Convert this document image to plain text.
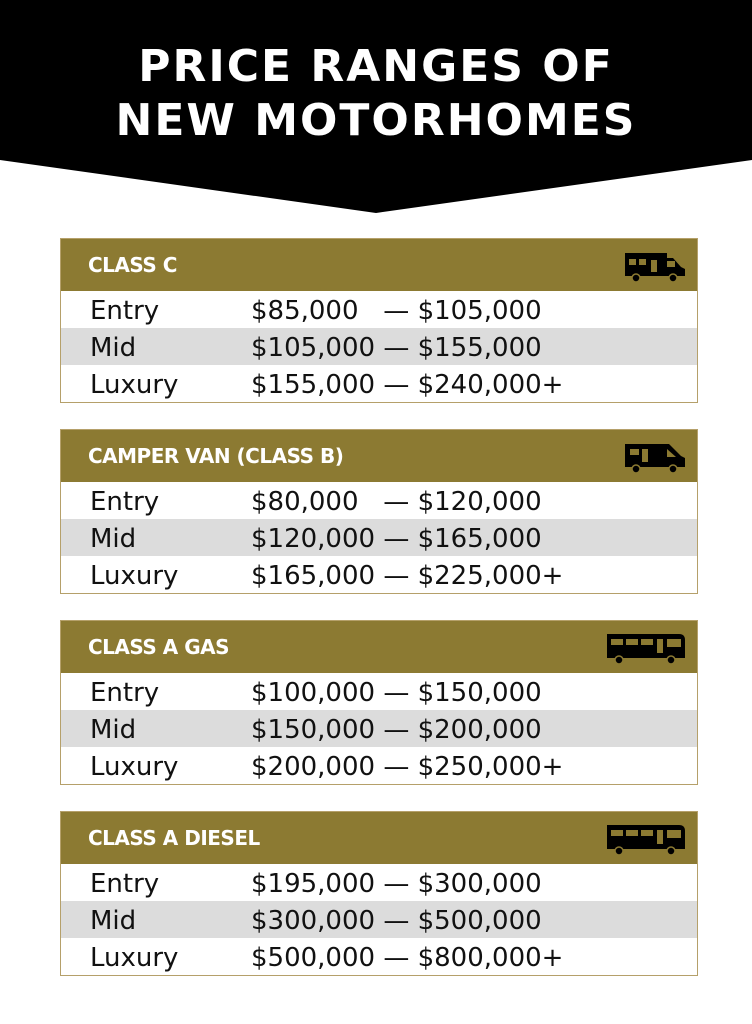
PRICE RANGES OF NEW MOTORHOMES
CLASS C
Entry	$85,000   — $105,000
Mid	$105,000 — $155,000
Luxury	$155,000 — $240,000+
CAMPER VAN (CLASS B)
Entry	$80,000   — $120,000
Mid	$120,000 — $165,000
Luxury	$165,000 — $225,000+
CLASS A GAS
Entry	$100,000 — $150,000
Mid	$150,000 — $200,000
Luxury	$200,000 — $250,000+
CLASS A DIESEL
Entry	$195,000 — $300,000
Mid	$300,000 — $500,000
Luxury	$500,000 — $800,000+
